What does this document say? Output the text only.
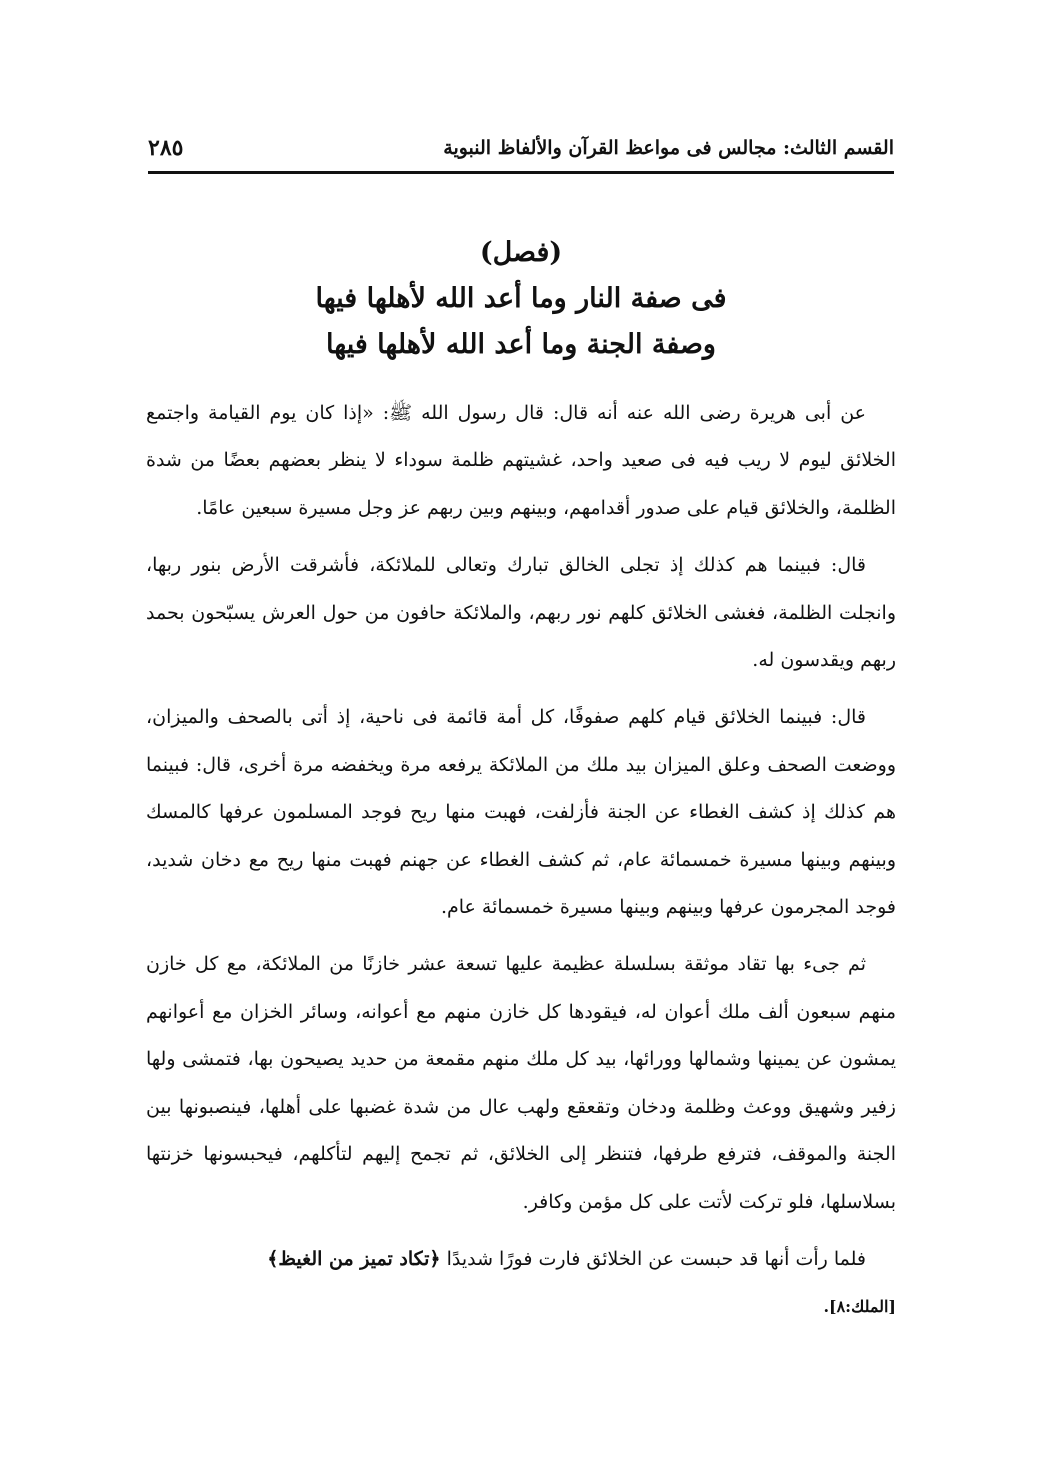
القسم الثالث: مجالس فى مواعظ القرآن والألفاظ النبوية
٢٨٥
(فصل)
فى صفة النار وما أعد الله لأهلها فيها
وصفة الجنة وما أعد الله لأهلها فيها

عن أبى هريرة رضى الله عنه أنه قال: قال رسول الله ﷺ: «إذا كان يوم القيامة واجتمع الخلائق ليوم لا ريب فيه فى صعيد واحد، غشيتهم ظلمة سوداء لا ينظر بعضهم بعضًا من شدة الظلمة، والخلائق قيام على صدور أقدامهم، وبينهم وبين ربهم عز وجل مسيرة سبعين عامًا.

قال: فبينما هم كذلك إذ تجلى الخالق تبارك وتعالى للملائكة، فأشرقت الأرض بنور ربها، وانجلت الظلمة، فغشى الخلائق كلهم نور ربهم، والملائكة حافون من حول العرش يسبّحون بحمد ربهم ويقدسون له.

قال: فبينما الخلائق قيام كلهم صفوفًا، كل أمة قائمة فى ناحية، إذ أتى بالصحف والميزان، ووضعت الصحف وعلق الميزان بيد ملك من الملائكة يرفعه مرة ويخفضه مرة أخرى، قال: فبينما هم كذلك إذ كشف الغطاء عن الجنة فأزلفت، فهبت منها ريح فوجد المسلمون عرفها كالمسك وبينهم وبينها مسيرة خمسمائة عام، ثم كشف الغطاء عن جهنم فهبت منها ريح مع دخان شديد، فوجد المجرمون عرفها وبينهم وبينها مسيرة خمسمائة عام.

ثم جىء بها تقاد موثقة بسلسلة عظيمة عليها تسعة عشر خازنًا من الملائكة، مع كل خازن منهم سبعون ألف ملك أعوان له، فيقودها كل خازن منهم مع أعوانه، وسائر الخزان مع أعوانهم يمشون عن يمينها وشمالها وورائها، بيد كل ملك منهم مقمعة من حديد يصيحون بها، فتمشى ولها زفير وشهيق ووعث وظلمة ودخان وتقعقع ولهب عال من شدة غضبها على أهلها، فينصبونها بين الجنة والموقف، فترفع طرفها، فتنظر إلى الخلائق، ثم تجمح إليهم لتأكلهم، فيحبسونها خزنتها بسلاسلها، فلو تركت لأتت على كل مؤمن وكافر.

فلما رأت أنها قد حبست عن الخلائق فارت فورًا شديدًا ﴿تكاد تميز من الغيظ﴾
[الملك:٨].
